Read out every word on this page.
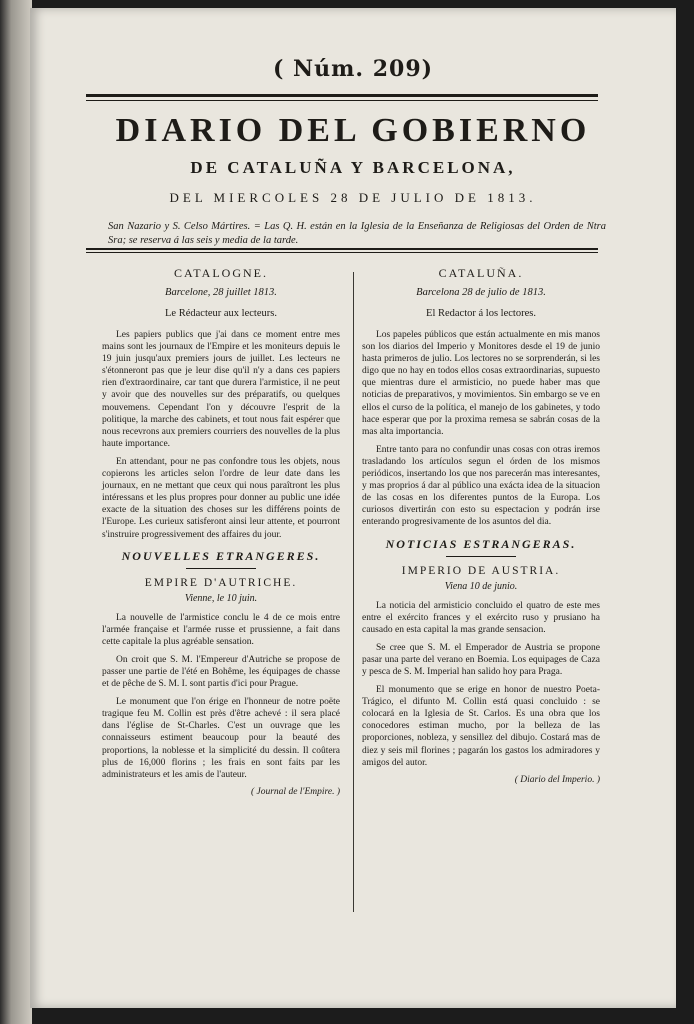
( Núm. 209)
DIARIO DEL GOBIERNO
DE CATALUÑA Y BARCELONA,
DEL MIERCOLES 28 DE JULIO DE 1813.
San Nazario y S. Celso Mártires. = Las Q. H. están en la Iglesia de la Enseñanza de Religiosas del Orden de Ntra Sra; se reserva á las seis y media de la tarde.

CATALOGNE.

Barcelone, 28 juillet 1813.

Le Rédacteur aux lecteurs.

Les papiers publics que j'ai dans ce moment entre mes mains sont les journaux de l'Empire et les moniteurs depuis le 19 juin jusqu'aux premiers jours de juillet. Les lecteurs ne s'étonneront pas que je leur dise qu'il n'y a dans ces papiers rien d'extraordinaire, car tant que durera l'armistice, il ne peut y avoir que des nouvelles sur des préparatifs, ou quelques mouvemens. Cependant l'on y découvre l'esprit de la politique, la marche des cabinets, et tout nous fait espérer que nous recevrons aux premiers courriers des nouvelles de la plus haute importance.

En attendant, pour ne pas confondre tous les objets, nous copierons les articles selon l'ordre de leur date dans les journaux, en ne mettant que ceux qui nous paraîtront les plus intéressans et les plus propres pour donner au public une idée exacte de la situation des choses sur les différens points de l'Europe. Les curieux satisferont ainsi leur attente, et pourront s'instruire progressivement des affaires du jour.

NOUVELLES ETRANGERES.

EMPIRE D'AUTRICHE.

Vienne, le 10 juin.

La nouvelle de l'armistice conclu le 4 de ce mois entre l'armée française et l'armée russe et prussienne, a fait dans cette capitale la plus agréable sensation.

On croit que S. M. l'Empereur d'Autriche se propose de passer une partie de l'été en Bohême, les équipages de chasse et de pêche de S. M. I. sont partis d'ici pour Prague.

Le monument que l'on érige en l'honneur de notre poëte tragique feu M. Collin est près d'être achevé : il sera placé dans l'église de St-Charles. C'est un ouvrage que les connaisseurs estiment beaucoup pour la beauté des proportions, la noblesse et la simplicité du dessin. Il coûtera plus de 16,000 florins ; les frais en sont faits par les administrateurs et les amis de l'auteur.

( Journal de l'Empire. )

CATALUÑA.

Barcelona 28 de julio de 1813.

El Redactor á los lectores.

Los papeles públicos que están actualmente en mis manos son los diarios del Imperio y Monitores desde el 19 de junio hasta primeros de julio. Los lectores no se sorprenderán, si les digo que no hay en todos ellos cosas extraordinarias, supuesto que mientras dure el armisticio, no puede haber mas que noticias de preparativos, y movimientos. Sin embargo se ve en ellos el curso de la política, el manejo de los gabinetes, y todo hace esperar que por la proxima remesa se sabrán cosas de la mas alta importancia.

Entre tanto para no confundir unas cosas con otras iremos trasladando los artículos segun el órden de los mismos periódicos, insertando los que nos parecerán mas interesantes, y mas proprios á dar al público una exácta idea de la situacion de las cosas en los diferentes puntos de la Europa. Los curiosos divertirán con esto su espectacion y podrán irse enterando progresivamente de los asuntos del dia.

NOTICIAS ESTRANGERAS.

IMPERIO DE AUSTRIA.

Viena 10 de junio.

La noticia del armisticio concluido el quatro de este mes entre el exército frances y el exército ruso y prusiano ha causado en esta capital la mas grande sensacion.

Se cree que S. M. el Emperador de Austria se propone pasar una parte del verano en Boemia. Los equipages de Caza y pesca de S. M. Imperial han salido hoy para Praga.

El monumento que se erige en honor de nuestro Poeta-Trágico, el difunto M. Collin está quasi concluido : se colocará en la Iglesia de St. Carlos. Es una obra que los conocedores estiman mucho, por la belleza de las proporciones, nobleza, y sensillez del dibujo. Costará mas de diez y seis mil florines ; pagarán los gastos los admiradores y amigos del autor.

( Diario del Imperio. )
